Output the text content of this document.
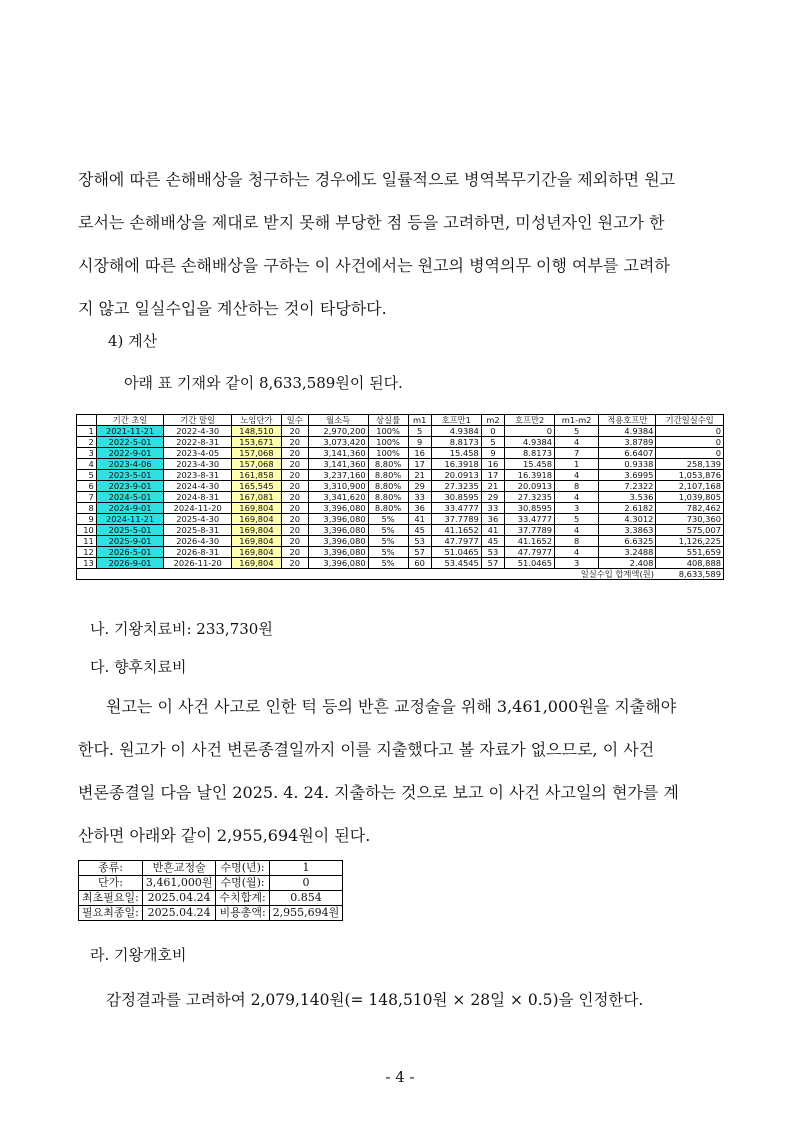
장해에 따른 손해배상을 청구하는 경우에도 일률적으로 병역복무기간을 제외하면 원고
로서는 손해배상을 제대로 받지 못해 부당한 점 등을 고려하면, 미성년자인 원고가 한
시장해에 따른 손해배상을 구하는 이 사건에서는 원고의 병역의무 이행 여부를 고려하
지 않고 일실수입을 계산하는 것이 타당하다.
4) 계산
아래 표 기재와 같이 8,633,589원이 된다.
	기간 초일	기간 말일	노임단가	일수	월소득	상실률	m1	호프만1	m2	호프만2	m1-m2	적용호프만	기간일실수입
1	2021-11-21	2022-4-30	148,510	20	2,970,200	100%	5	4.9384	0	0	5	4.9384	0
2	2022-5-01	2022-8-31	153,671	20	3,073,420	100%	9	8.8173	5	4.9384	4	3.8789	0
3	2022-9-01	2023-4-05	157,068	20	3,141,360	100%	16	15.458	9	8.8173	7	6.6407	0
4	2023-4-06	2023-4-30	157,068	20	3,141,360	8.80%	17	16.3918	16	15.458	1	0.9338	258,139
5	2023-5-01	2023-8-31	161,858	20	3,237,160	8.80%	21	20.0913	17	16.3918	4	3.6995	1,053,876
6	2023-9-01	2024-4-30	165,545	20	3,310,900	8.80%	29	27.3235	21	20.0913	8	7.2322	2,107,168
7	2024-5-01	2024-8-31	167,081	20	3,341,620	8.80%	33	30.8595	29	27.3235	4	3.536	1,039,805
8	2024-9-01	2024-11-20	169,804	20	3,396,080	8.80%	36	33.4777	33	30.8595	3	2.6182	782,462
9	2024-11-21	2025-4-30	169,804	20	3,396,080	5%	41	37.7789	36	33.4777	5	4.3012	730,360
10	2025-5-01	2025-8-31	169,804	20	3,396,080	5%	45	41.1652	41	37.7789	4	3.3863	575,007
11	2025-9-01	2026-4-30	169,804	20	3,396,080	5%	53	47.7977	45	41.1652	8	6.6325	1,126,225
12	2026-5-01	2026-8-31	169,804	20	3,396,080	5%	57	51.0465	53	47.7977	4	3.2488	551,659
13	2026-9-01	2026-11-20	169,804	20	3,396,080	5%	60	53.4545	57	51.0465	3	2.408	408,888
일실수입 합계액(원)													8,633,589
나. 기왕치료비: 233,730원
다. 향후치료비
원고는 이 사건 사고로 인한 턱 등의 반흔 교정술을 위해 3,461,000원을 지출해야
한다. 원고가 이 사건 변론종결일까지 이를 지출했다고 볼 자료가 없으므로, 이 사건
변론종결일 다음 날인 2025. 4. 24. 지출하는 것으로 보고 이 사건 사고일의 현가를 계
산하면 아래와 같이 2,955,694원이 된다.
종류:	반흔교정술	수명(년):	1
단가:	3,461,000원	수명(월):	0
최초필요일:	2025.04.24	수치합계:	0.854
필요최종일:	2025.04.24	비용총액:	2,955,694원
라. 기왕개호비
감정결과를 고려하여 2,079,140원(= 148,510원 × 28일 × 0.5)을 인정한다.
- 4 -
